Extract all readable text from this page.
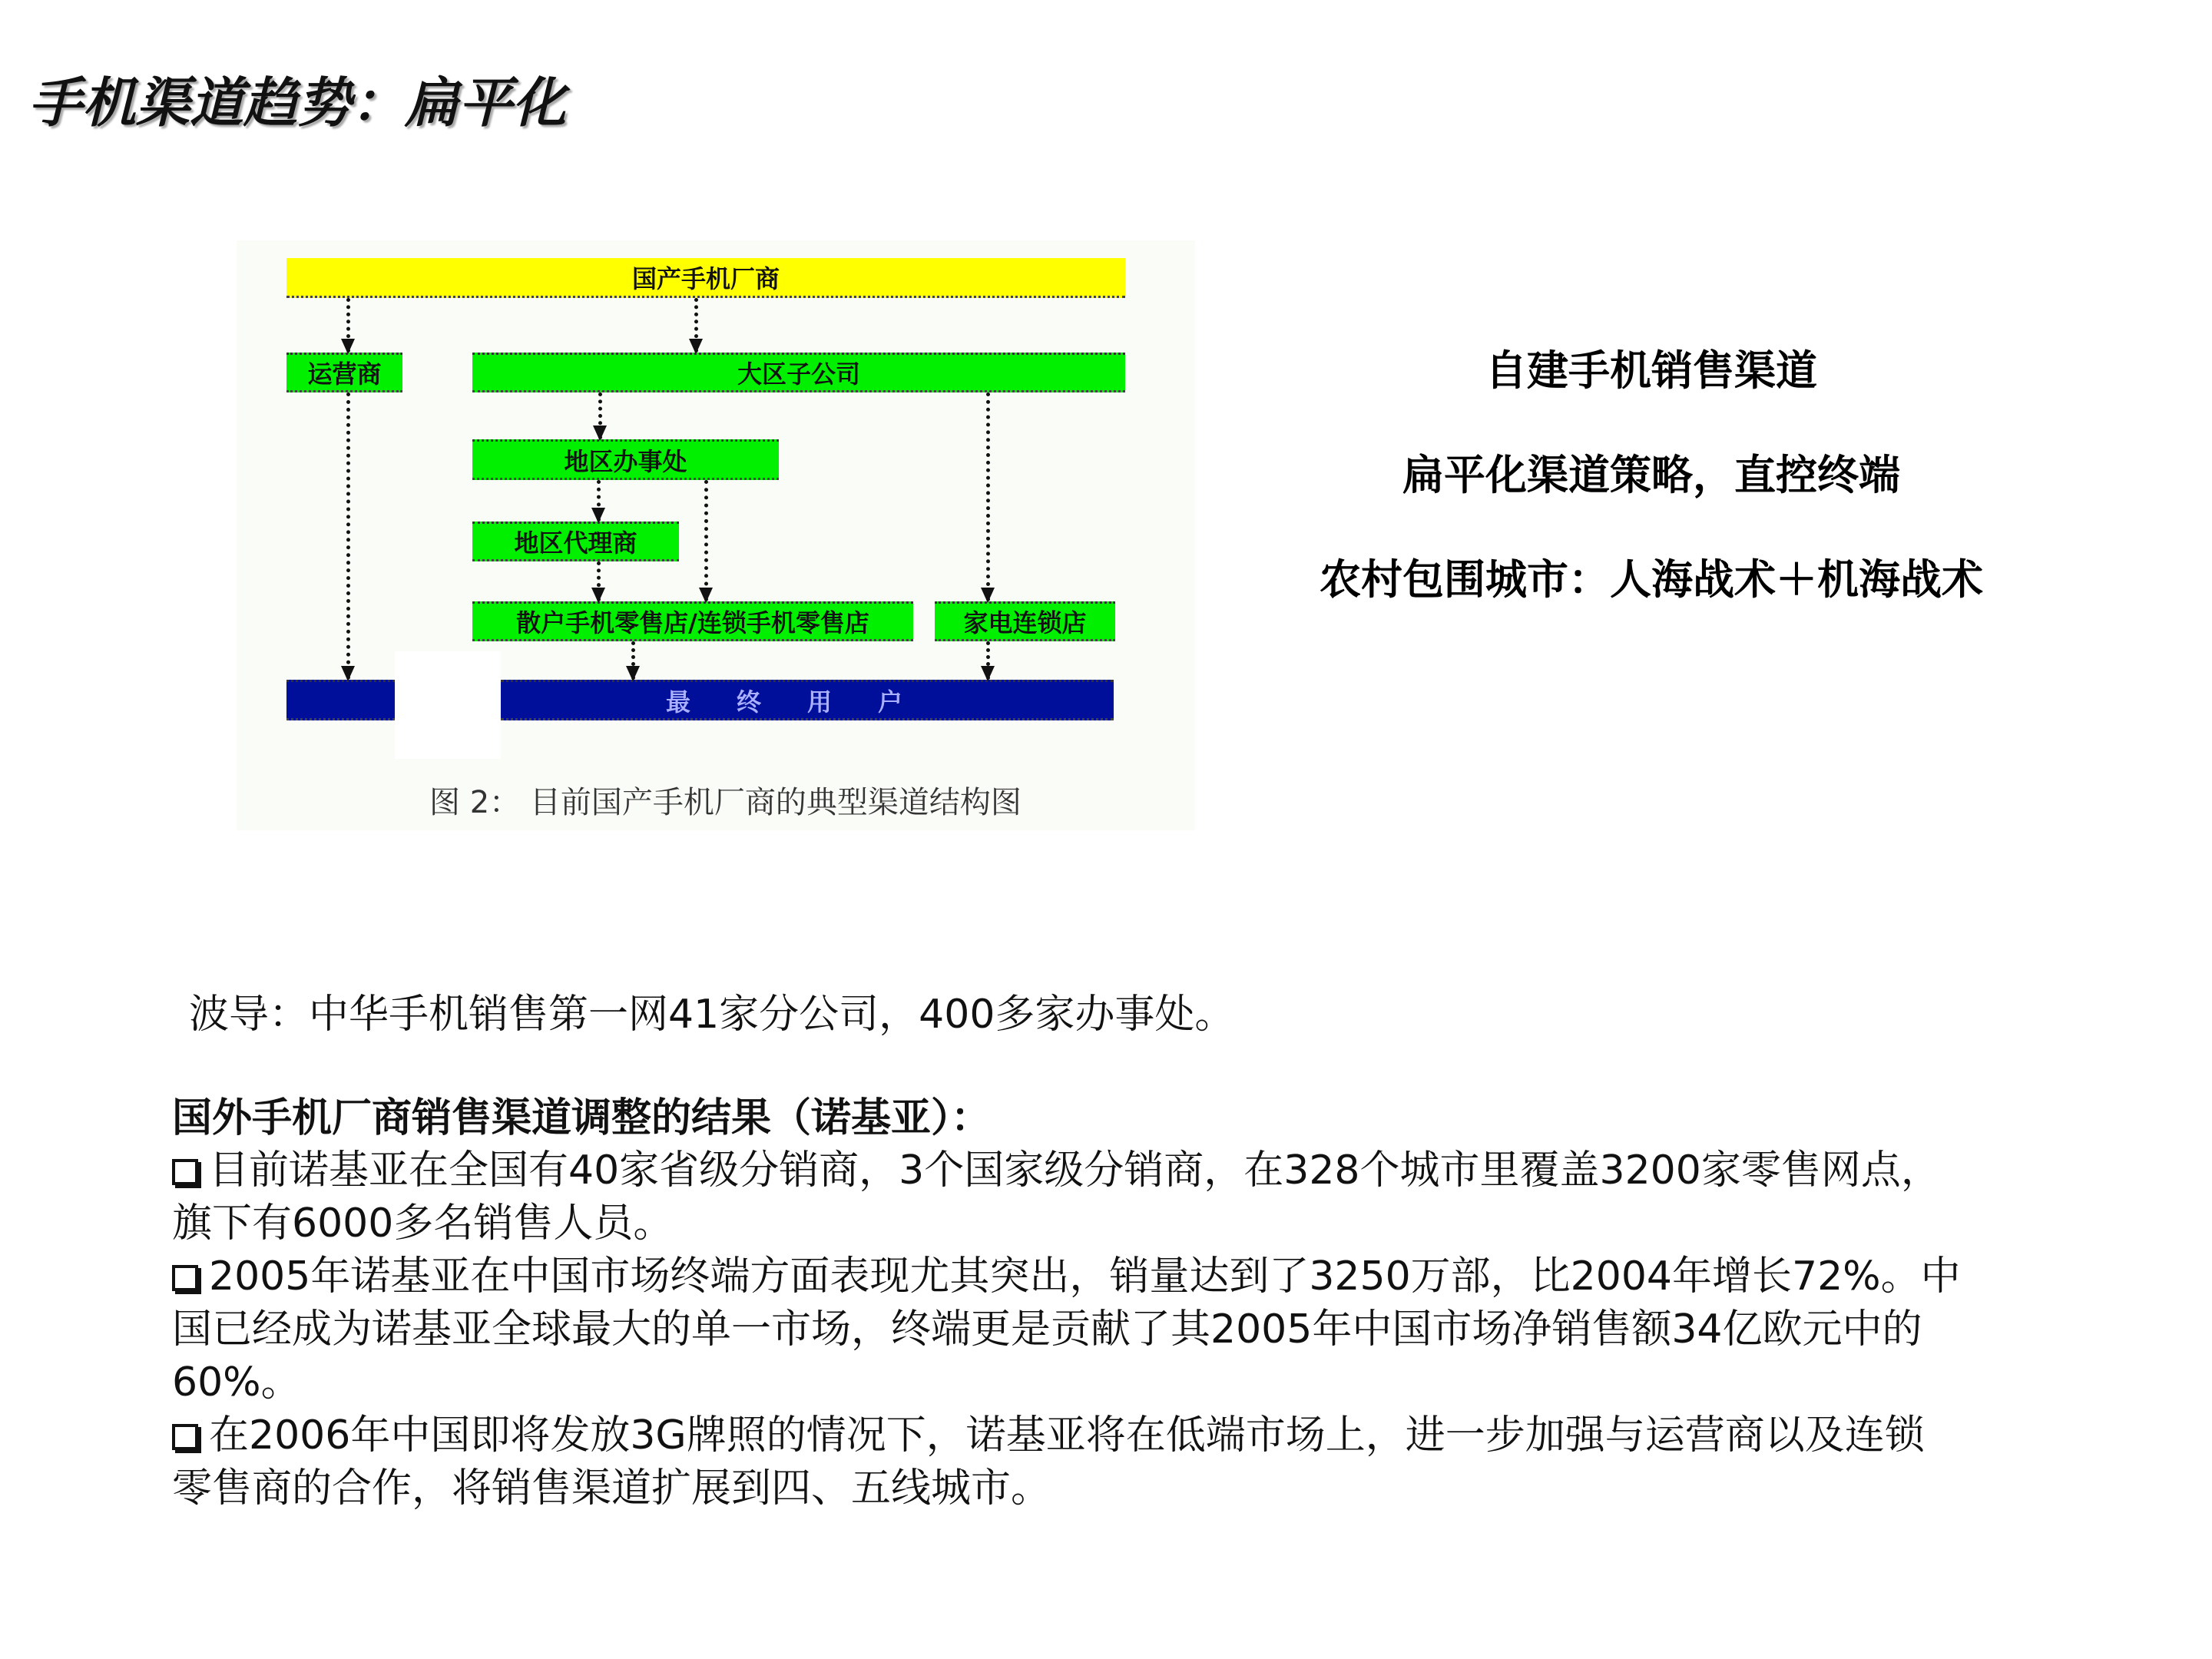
手机渠道趋势：扁平化
国产手机厂商
运营商	大区子公司
地区办事处
地区代理商
散户手机零售店/连锁手机零售店	家电连锁店
最终用户
图 2： 目前国产手机厂商的典型渠道结构图
自建手机销售渠道
扁平化渠道策略，直控终端
农村包围城市：人海战术＋机海战术
波导：中华手机销售第一网41家分公司，400多家办事处。
国外手机厂商销售渠道调整的结果（诺基亚）：
目前诺基亚在全国有40家省级分销商，3个国家级分销商，在328个城市里覆盖3200家零售网点，
旗下有6000多名销售人员。
2005年诺基亚在中国市场终端方面表现尤其突出，销量达到了3250万部，比2004年增长72%。中
国已经成为诺基亚全球最大的单一市场，终端更是贡献了其2005年中国市场净销售额34亿欧元中的
60%。
在2006年中国即将发放3G牌照的情况下，诺基亚将在低端市场上，进一步加强与运营商以及连锁
零售商的合作，将销售渠道扩展到四、五线城市。
